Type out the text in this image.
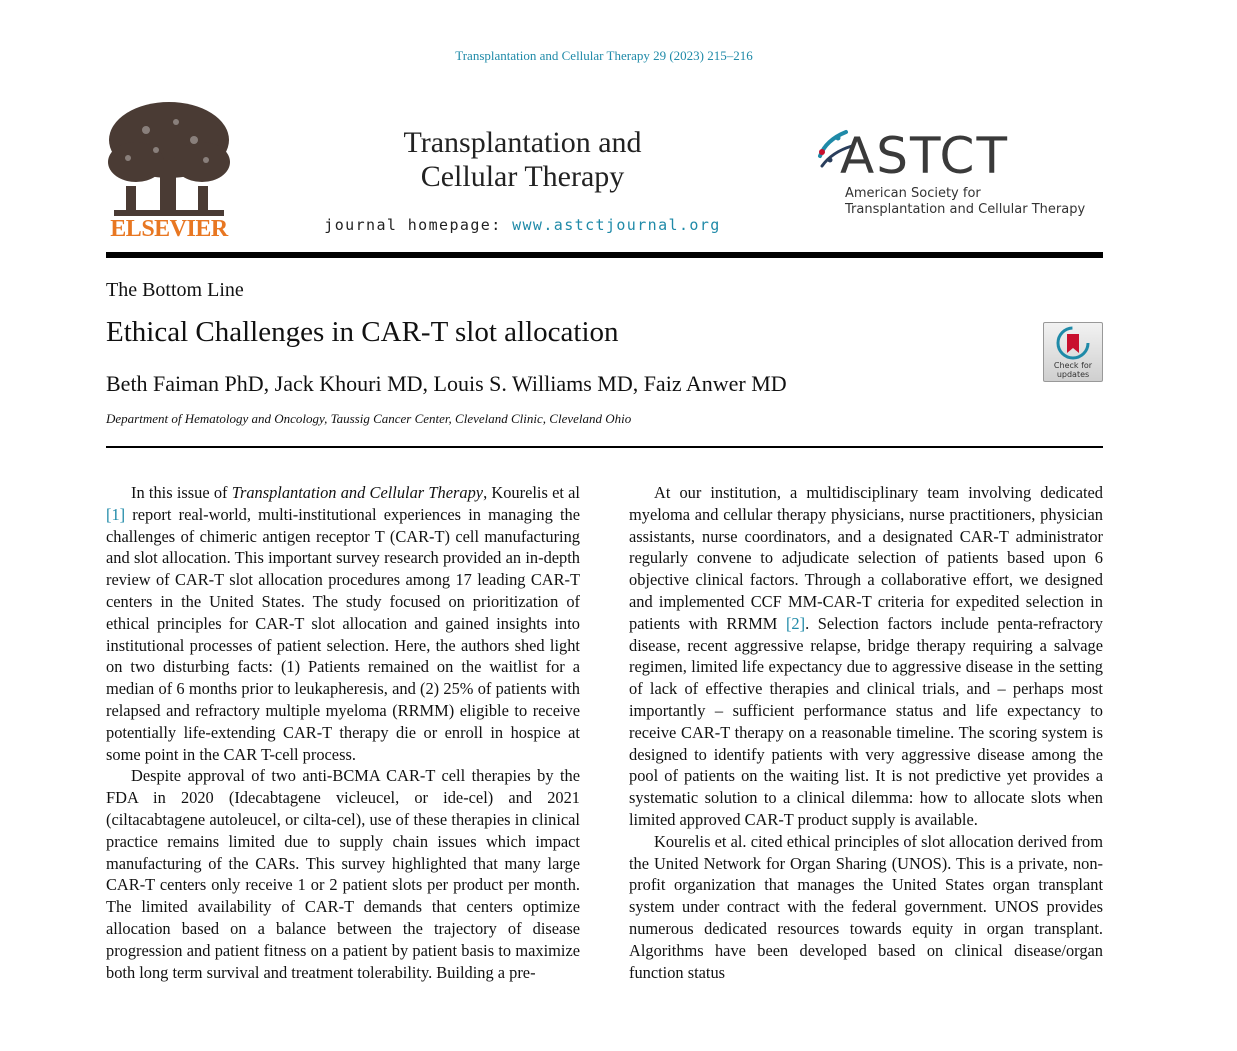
Transplantation and Cellular Therapy 29 (2023) 215–216
ELSEVIER
Transplantation and
Cellular Therapy
journal homepage: www.astctjournal.org
ASTCT
American Society for
Transplantation and Cellular Therapy
The Bottom Line
Ethical Challenges in CAR-T slot allocation
Beth Faiman PhD, Jack Khouri MD, Louis S. Williams MD, Faiz Anwer MD
Department of Hematology and Oncology, Taussig Cancer Center, Cleveland Clinic, Cleveland Ohio
Check for
updates

In this issue of Transplantation and Cellular Therapy, Kourelis et al [1] report real-world, multi-institutional experiences in managing the challenges of chimeric antigen receptor T (CAR-T) cell manufacturing and slot allocation. This important survey research provided an in-depth review of CAR-T slot allocation procedures among 17 leading CAR-T centers in the United States. The study focused on prioritization of ethical principles for CAR-T slot allocation and gained insights into institutional processes of patient selection. Here, the authors shed light on two disturbing facts: (1) Patients remained on the waitlist for a median of 6 months prior to leukapheresis, and (2) 25% of patients with relapsed and refractory multiple myeloma (RRMM) eligible to receive potentially life-extending CAR-T therapy die or enroll in hospice at some point in the CAR T-cell process.

Despite approval of two anti-BCMA CAR-T cell therapies by the FDA in 2020 (Idecabtagene vicleucel, or ide-cel) and 2021 (ciltacabtagene autoleucel, or cilta-cel), use of these therapies in clinical practice remains limited due to supply chain issues which impact manufacturing of the CARs. This survey highlighted that many large CAR-T centers only receive 1 or 2 patient slots per product per month. The limited availability of CAR-T demands that centers optimize allocation based on a balance between the trajectory of disease progression and patient fitness on a patient by patient basis to maximize both long term survival and treatment tolerability. Building a pre-

At our institution, a multidisciplinary team involving dedicated myeloma and cellular therapy physicians, nurse practitioners, physician assistants, nurse coordinators, and a designated CAR-T administrator regularly convene to adjudicate selection of patients based upon 6 objective clinical factors. Through a collaborative effort, we designed and implemented CCF MM-CAR-T criteria for expedited selection in patients with RRMM [2]. Selection factors include penta-refractory disease, recent aggressive relapse, bridge therapy requiring a salvage regimen, limited life expectancy due to aggressive disease in the setting of lack of effective therapies and clinical trials, and – perhaps most importantly – sufficient performance status and life expectancy to receive CAR-T therapy on a reasonable timeline. The scoring system is designed to identify patients with very aggressive disease among the pool of patients on the waiting list. It is not predictive yet provides a systematic solution to a clinical dilemma: how to allocate slots when limited approved CAR-T product supply is available.

Kourelis et al. cited ethical principles of slot allocation derived from the United Network for Organ Sharing (UNOS). This is a private, non-profit organization that manages the United States organ transplant system under contract with the federal government. UNOS provides numerous dedicated resources towards equity in organ transplant. Algorithms have been developed based on clinical disease/organ function status
